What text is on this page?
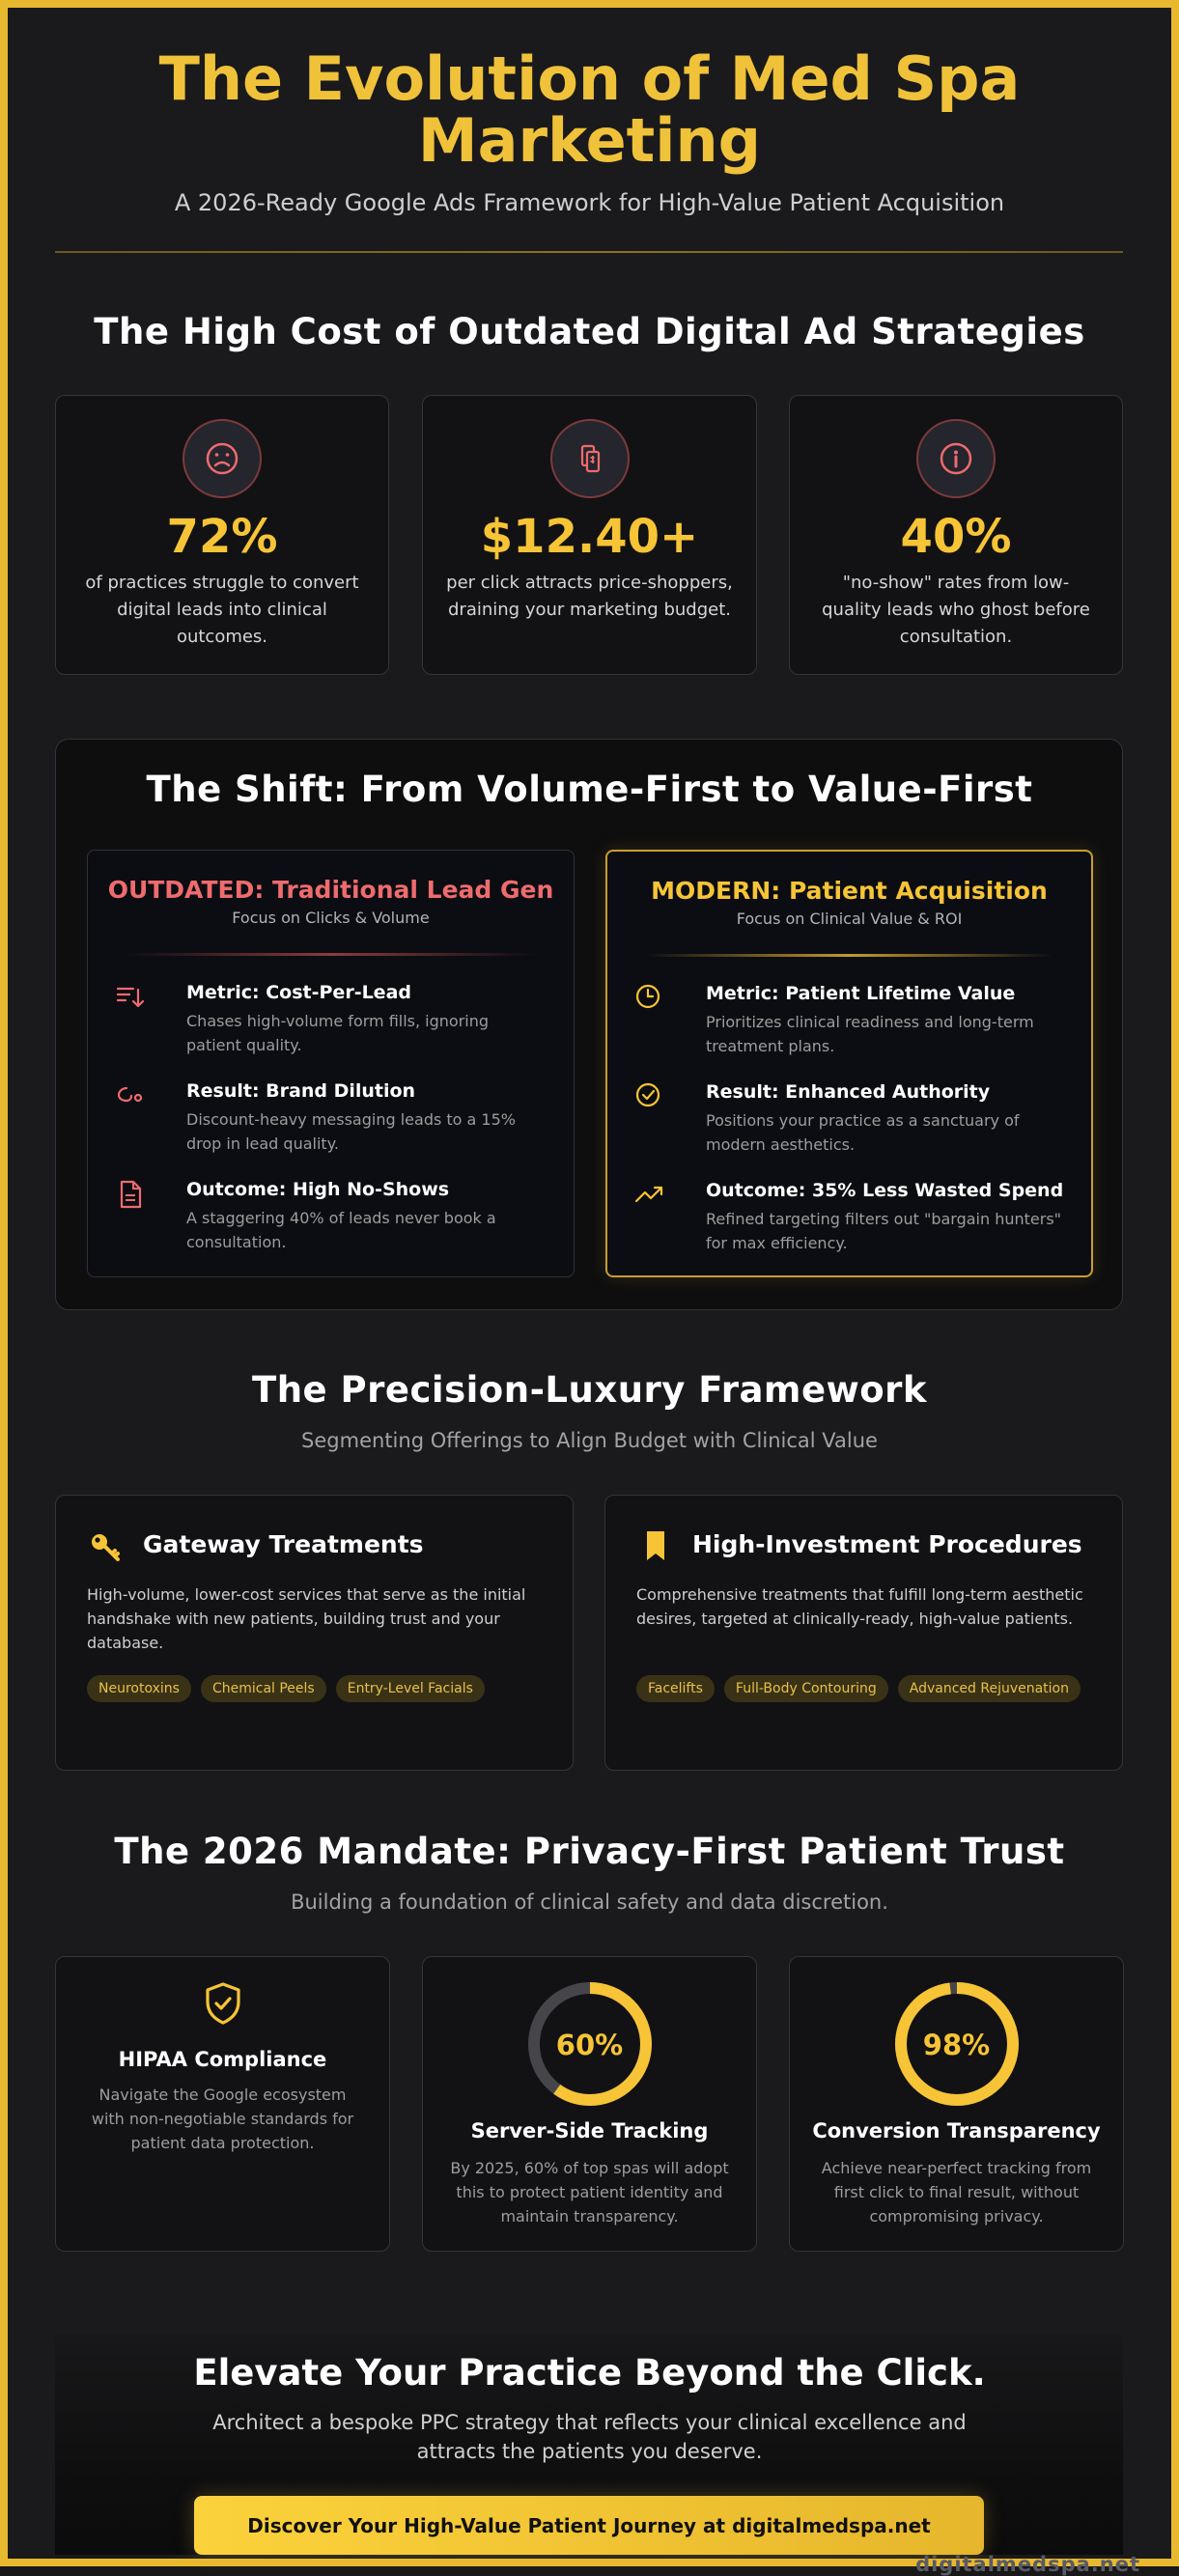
The Evolution of Med Spa
Marketing
A 2026-Ready Google Ads Framework for High-Value Patient Acquisition
The High Cost of Outdated Digital Ad Strategies
72%
of practices struggle to convert digital leads into clinical outcomes.
$12.40+
per click attracts price-shoppers, draining your marketing budget.
40%
"no-show" rates from low-quality leads who ghost before consultation.
The Shift: From Volume-First to Value-First
OUTDATED: Traditional Lead Gen
Focus on Clicks & Volume
Metric: Cost-Per-Lead
Chases high-volume form fills, ignoring patient quality.
Result: Brand Dilution
Discount-heavy messaging leads to a 15% drop in lead quality.
Outcome: High No-Shows
A staggering 40% of leads never book a consultation.
MODERN: Patient Acquisition
Focus on Clinical Value & ROI
Metric: Patient Lifetime Value
Prioritizes clinical readiness and long-term treatment plans.
Result: Enhanced Authority
Positions your practice as a sanctuary of modern aesthetics.
Outcome: 35% Less Wasted Spend
Refined targeting filters out "bargain hunters" for max efficiency.
The Precision-Luxury Framework
Segmenting Offerings to Align Budget with Clinical Value
Gateway Treatments
High-volume, lower-cost services that serve as the initial handshake with new patients, building trust and your database.
Neurotoxins Chemical Peels Entry-Level Facials
High-Investment Procedures
Comprehensive treatments that fulfill long-term aesthetic desires, targeted at clinically-ready, high-value patients.
Facelifts Full-Body Contouring Advanced Rejuvenation
The 2026 Mandate: Privacy-First Patient Trust
Building a foundation of clinical safety and data discretion.
HIPAA Compliance
Navigate the Google ecosystem with non-negotiable standards for patient data protection.
60%
Server-Side Tracking
By 2025, 60% of top spas will adopt this to protect patient identity and maintain transparency.
98%
Conversion Transparency
Achieve near-perfect tracking from first click to final result, without compromising privacy.
Elevate Your Practice Beyond the Click.
Architect a bespoke PPC strategy that reflects your clinical excellence and attracts the patients you deserve.
Discover Your High-Value Patient Journey at digitalmedspa.net
digitalmedspa.net
